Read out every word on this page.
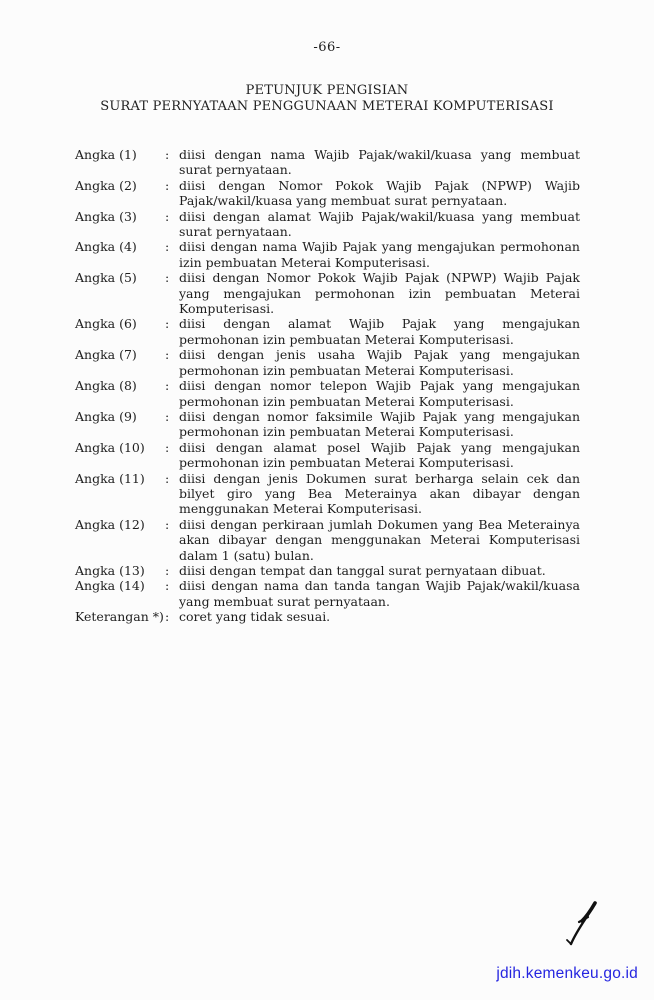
-66-
PETUNJUK PENGISIAN
SURAT PERNYATAAN PENGGUNAAN METERAI KOMPUTERISASI
Angka (1)	: diisi dengan nama Wajib Pajak/wakil/kuasa yang membuat surat pernyataan.
Angka (2)	: diisi dengan Nomor Pokok Wajib Pajak (NPWP) Wajib Pajak/wakil/kuasa yang membuat surat pernyataan.
Angka (3)	: diisi dengan alamat Wajib Pajak/wakil/kuasa yang membuat surat pernyataan.
Angka (4)	: diisi dengan nama Wajib Pajak yang mengajukan permohonan izin pembuatan Meterai Komputerisasi.
Angka (5)	: diisi dengan Nomor Pokok Wajib Pajak (NPWP) Wajib Pajak yang mengajukan permohonan izin pembuatan Meterai Komputerisasi.
Angka (6)	: diisi dengan alamat Wajib Pajak yang mengajukan permohonan izin pembuatan Meterai Komputerisasi.
Angka (7)	: diisi dengan jenis usaha Wajib Pajak yang mengajukan permohonan izin pembuatan Meterai Komputerisasi.
Angka (8)	: diisi dengan nomor telepon Wajib Pajak yang mengajukan permohonan izin pembuatan Meterai Komputerisasi.
Angka (9)	: diisi dengan nomor faksimile Wajib Pajak yang mengajukan permohonan izin pembuatan Meterai Komputerisasi.
Angka (10)	: diisi dengan alamat posel Wajib Pajak yang mengajukan permohonan izin pembuatan Meterai Komputerisasi.
Angka (11)	: diisi dengan jenis Dokumen surat berharga selain cek dan bilyet giro yang Bea Meterainya akan dibayar dengan menggunakan Meterai Komputerisasi.
Angka (12)	: diisi dengan perkiraan jumlah Dokumen yang Bea Meterainya akan dibayar dengan menggunakan Meterai Komputerisasi dalam 1 (satu) bulan.
Angka (13)	: diisi dengan tempat dan tanggal surat pernyataan dibuat.
Angka (14)	: diisi dengan nama dan tanda tangan Wajib Pajak/wakil/kuasa yang membuat surat pernyataan.
Keterangan *) : coret yang tidak sesuai.
jdih.kemenkeu.go.id
